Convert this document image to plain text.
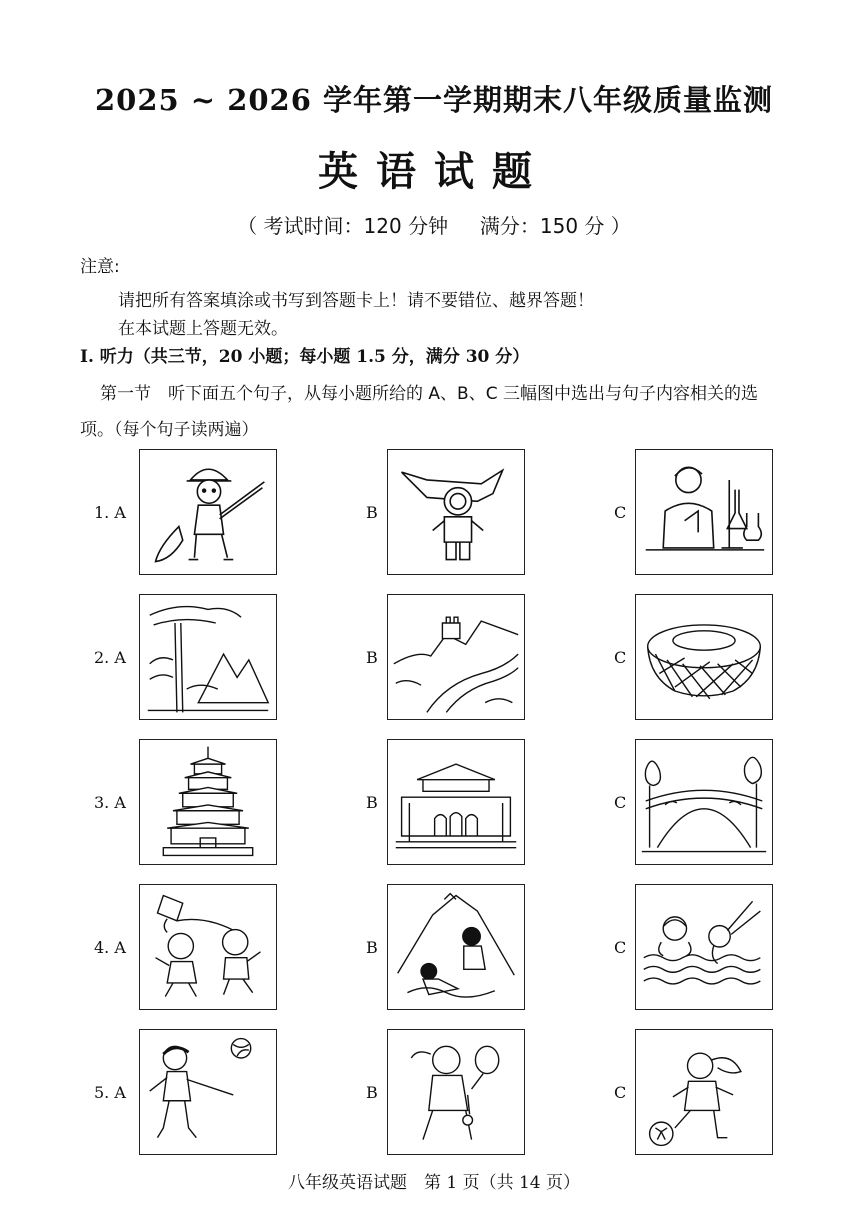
2025 ~ 2026 学年第一学期期末八年级质量监测
英语试题
（ 考试时间：120 分钟     满分：150 分 ）
注意:
请把所有答案填涂或书写到答题卡上！请不要错位、越界答题！
在本试题上答题无效。
I. 听力（共三节，20 小题；每小题 1.5 分，满分 30 分）
第一节　听下面五个句子，从每小题所给的 A、B、C 三幅图中选出与句子内容相关的选项。（每个句子读两遍）
1. A	B	C
2. A	B	C
3. A	B	C
4. A	B	C
5. A	B	C
八年级英语试题　第 1 页（共 14 页）
